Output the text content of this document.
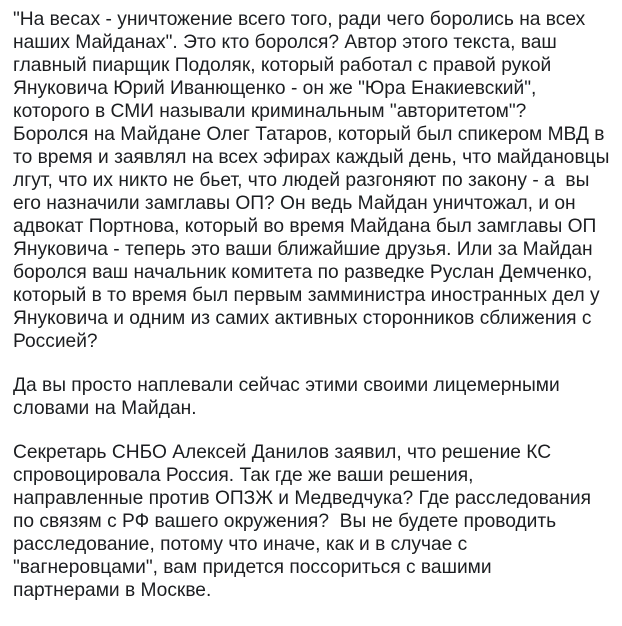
"На весах - уничтожение всего того, ради чего боролись на всех
наших Майданах". Это кто боролся? Автор этого текста, ваш
главный пиарщик Подоляк, который работал с правой рукой
Януковича Юрий Иванющенко - он же "Юра Енакиевский",
которого в СМИ называли криминальным "авторитетом"?
Боролся на Майдане Олег Татаров, который был спикером МВД в
то время и заявлял на всех эфирах каждый день, что майдановцы
лгут, что их никто не бьет, что людей разгоняют по закону - а  вы
его назначили замглавы ОП? Он ведь Майдан уничтожал, и он
адвокат Портнова, который во время Майдана был замглавы ОП
Януковича - теперь это ваши ближайшие друзья. Или за Майдан
боролся ваш начальник комитета по разведке Руслан Демченко,
который в то время был первым замминистра иностранных дел у
Януковича и одним из самих активных сторонников сближения с
Россией?
Да вы просто наплевали сейчас этими своими лицемерными
словами на Майдан.
Секретарь СНБО Алексей Данилов заявил, что решение КС
спровоцировала Россия. Так где же ваши решения,
направленные против ОПЗЖ и Медведчука? Где расследования
по связям с РФ вашего окружения?  Вы не будете проводить
расследование, потому что иначе, как и в случае с
"вагнеровцами", вам придется поссориться с вашими
партнерами в Москве.
